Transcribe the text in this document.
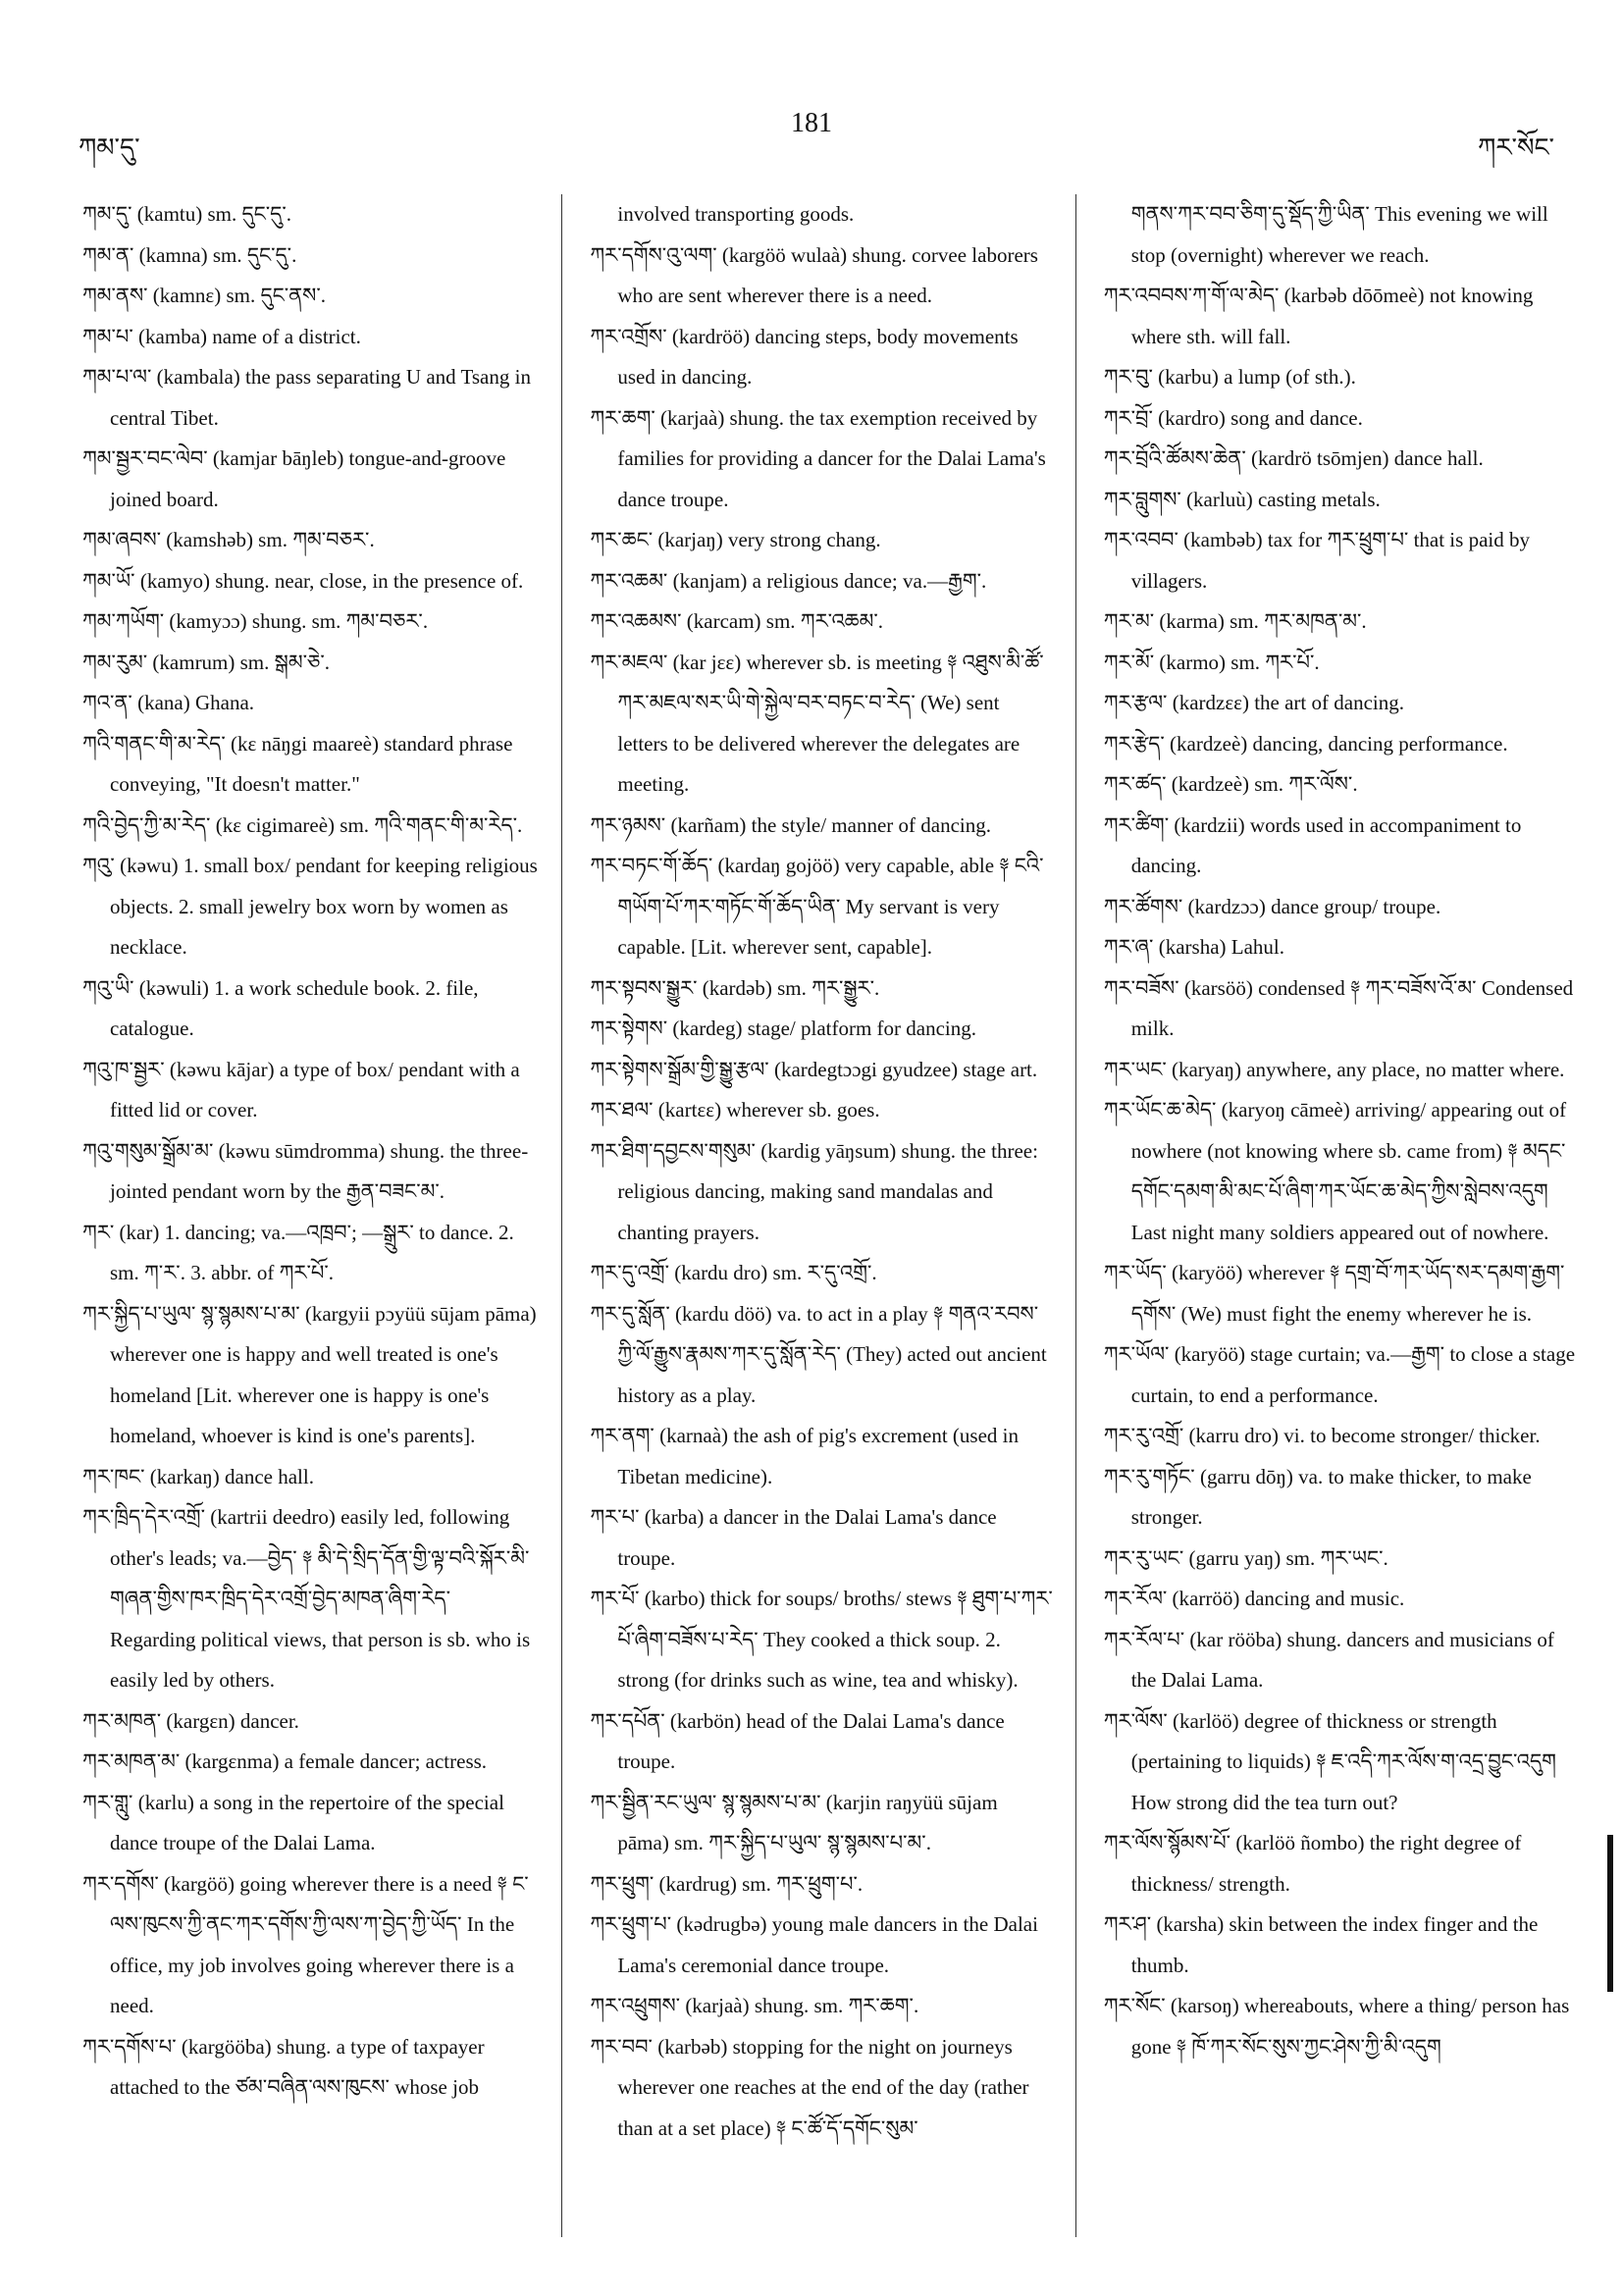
ཀམ་དུ་
181
ཀར་སོང་

ཀམ་དུ་ (kamtu) sm. དུང་དུ་.

ཀམ་ན་ (kamna) sm. དུང་དུ་.

ཀམ་ནས་ (kamnɛ) sm. དུང་ནས་.

ཀམ་པ་ (kamba) name of a district.

ཀམ་པ་ལ་ (kambala) the pass separating U and Tsang in central Tibet.

ཀམ་སྦྱར་བང་ལེབ་ (kamjar bāŋleb) tongue-and-groove joined board.

ཀམ་ཞབས་ (kamshəb) sm. ཀམ་བཅར་.

ཀམ་ཡོ་ (kamyo) shung. near, close, in the presence of.

ཀམ་ཀཡོག་ (kamyɔɔ) shung. sm. ཀམ་བཅར་.

ཀམ་རུམ་ (kamrum) sm. སྒམ་ཅེ་.

ཀའ་ན་ (kana) Ghana.

ཀའི་གནང་གི་མ་རེད་ (kɛ nāŋgi maareè) standard phrase conveying, "It doesn't matter."

ཀའི་བྱེད་ཀྱི་མ་རེད་ (kɛ cigimareè) sm. ཀའི་གནང་གི་མ་རེད་.

ཀའུ་ (kəwu) 1. small box/ pendant for keeping religious objects. 2. small jewelry box worn by women as necklace.

ཀའུ་ཡི་ (kəwuli) 1. a work schedule book. 2. file, catalogue.

ཀའུ་ཁ་སྦྱར་ (kəwu kājar) a type of box/ pendant with a fitted lid or cover.

ཀའུ་གསུམ་སྒྲོམ་མ་ (kəwu sūmdromma) shung. the three-jointed pendant worn by the རྒྱན་བཟང་མ་.

ཀར་ (kar) 1. dancing; va.—འཁྲབ་; —སྒྲུར་ to dance. 2. sm. ཀ་ར་. 3. abbr. of ཀར་པོ་.

ཀར་སྐྱིད་པ་ཡུལ་ སྙ་སྙམས་པ་མ་ (kargyii pɔyüü sūjam pāma) wherever one is happy and well treated is one's homeland [Lit. wherever one is happy is one's homeland, whoever is kind is one's parents].

ཀར་ཁང་ (karkaŋ) dance hall.

ཀར་ཁྲིད་དེར་འགྲོ་ (kartrii deedro) easily led, following other's leads; va.—བྱེད་ ༈ མི་དེ་སྲིད་དོན་གྱི་ལྟ་བའི་སྐོར་མི་གཞན་གྱིས་ཁར་ཁྲིད་དེར་འགྲོ་བྱེད་མཁན་ཞིག་རེད་ Regarding political views, that person is sb. who is easily led by others.

ཀར་མཁན་ (kargɛn) dancer.

ཀར་མཁན་མ་ (kargɛnma) a female dancer; actress.

ཀར་གླུ་ (karlu) a song in the repertoire of the special dance troupe of the Dalai Lama.

ཀར་དགོས་ (kargöö) going wherever there is a need ༈ ང་ལས་ཁུངས་ཀྱི་ནང་ཀར་དགོས་ཀྱི་ལས་ཀ་བྱེད་ཀྱི་ཡོད་ In the office, my job involves going wherever there is a need.

ཀར་དགོས་པ་ (kargööba) shung. a type of taxpayer attached to the ཙམ་བཞིན་ལས་ཁུངས་ whose job

involved transporting goods.

ཀར་དགོས་འུ་ལག་ (kargöö wulaà) shung. corvee laborers who are sent wherever there is a need.

ཀར་འགྲོས་ (kardröö) dancing steps, body movements used in dancing.

ཀར་ཆག་ (karjaà) shung. the tax exemption received by families for providing a dancer for the Dalai Lama's dance troupe.

ཀར་ཆང་ (karjaŋ) very strong chang.

ཀར་འཆམ་ (kanjam) a religious dance; va.—རྒྱག་.

ཀར་འཆམས་ (karcam) sm. ཀར་འཆམ་.

ཀར་མཇལ་ (kar jɛɛ) wherever sb. is meeting ༈ འཐུས་མི་ཚོ་ཀར་མཇལ་སར་ཡི་གེ་སྐྱེལ་བར་བཏང་བ་རེད་ (We) sent letters to be delivered wherever the delegates are meeting.

ཀར་ཉམས་ (karñam) the style/ manner of dancing.

ཀར་བཏང་གོ་ཆོད་ (kardaŋ gojöö) very capable, able ༈ ངའི་གཡོག་པོ་ཀར་གཏོང་གོ་ཆོད་ཡིན་ My servant is very capable. [Lit. wherever sent, capable].

ཀར་སྟབས་སྒྱུར་ (kardəb) sm. ཀར་སྒྱུར་.

ཀར་སྟེགས་ (kardeg) stage/ platform for dancing.

ཀར་སྟེགས་སྒྲོམ་གྱི་སྒྱུ་རྩལ་ (kardegtɔɔgi gyudzee) stage art.

ཀར་ཐལ་ (kartɛɛ) wherever sb. goes.

ཀར་ཐིག་དབྱངས་གསུམ་ (kardig yāŋsum) shung. the three: religious dancing, making sand mandalas and chanting prayers.

ཀར་དུ་འགྲོ་ (kardu dro) sm. ར་དུ་འགྲོ་.

ཀར་དུ་སློན་ (kardu döö) va. to act in a play ༈ གནའ་རབས་ཀྱི་ལོ་རྒྱུས་རྣམས་ཀར་དུ་སློན་རེད་ (They) acted out ancient history as a play.

ཀར་ནག་ (karnaà) the ash of pig's excrement (used in Tibetan medicine).

ཀར་པ་ (karba) a dancer in the Dalai Lama's dance troupe.

ཀར་པོ་ (karbo) thick for soups/ broths/ stews ༈ ཐུག་པ་ཀར་པོ་ཞིག་བཟོས་པ་རེད་ They cooked a thick soup. 2. strong (for drinks such as wine, tea and whisky).

ཀར་དཔོན་ (karbön) head of the Dalai Lama's dance troupe.

ཀར་སྦྱིན་རང་ཡུལ་ སྙ་སྙམས་པ་མ་ (karjin raŋyüü sūjam pāma) sm. ཀར་སྐྱིད་པ་ཡུལ་ སྙ་སྙམས་པ་མ་.

ཀར་ཕྲུག་ (kardrug) sm. ཀར་ཕྲུག་པ་.

ཀར་ཕྲུག་པ་ (kədrugbə) young male dancers in the Dalai Lama's ceremonial dance troupe.

ཀར་འཕྲུགས་ (karjaà) shung. sm. ཀར་ཆག་.

ཀར་བབ་ (karbəb) stopping for the night on journeys wherever one reaches at the end of the day (rather than at a set place) ༈ ང་ཚོ་དོ་དགོང་སུམ་

གནས་ཀར་བབ་ཅིག་དུ་སྡོད་ཀྱི་ཡིན་ This evening we will stop (overnight) wherever we reach.

ཀར་འབབས་ཀ་གོ་ལ་མེད་ (karbəb dōōmeè) not knowing where sth. will fall.

ཀར་བུ་ (karbu) a lump (of sth.).

ཀར་བྲོ་ (kardro) song and dance.

ཀར་བྲོའི་ཚོམས་ཆེན་ (kardrö tsōmjen) dance hall.

ཀར་བླུགས་ (karluù) casting metals.

ཀར་འབབ་ (kambəb) tax for ཀར་ཕྲུག་པ་ that is paid by villagers.

ཀར་མ་ (karma) sm. ཀར་མཁན་མ་.

ཀར་མོ་ (karmo) sm. ཀར་པོ་.

ཀར་རྩལ་ (kardzɛɛ) the art of dancing.

ཀར་རྩེད་ (kardzeè) dancing, dancing performance.

ཀར་ཚད་ (kardzeè) sm. ཀར་ལོས་.

ཀར་ཚིག་ (kardzii) words used in accompaniment to dancing.

ཀར་ཚོགས་ (kardzɔɔ) dance group/ troupe.

ཀར་ཞ་ (karsha) Lahul.

ཀར་བཟོས་ (karsöö) condensed ༈ ཀར་བཟོས་འོ་མ་ Condensed milk.

ཀར་ཡང་ (karyaŋ) anywhere, any place, no matter where.

ཀར་ཡོང་ཆ་མེད་ (karyoŋ cāmeè) arriving/ appearing out of nowhere (not knowing where sb. came from) ༈ མདང་དགོང་དམག་མི་མང་པོ་ཞིག་ཀར་ཡོང་ཆ་མེད་ཀྱིས་སླེབས་འདུག Last night many soldiers appeared out of nowhere.

ཀར་ཡོད་ (karyöö) wherever ༈ དགྲ་བོ་ཀར་ཡོད་སར་དམག་རྒྱག་དགོས་ (We) must fight the enemy wherever he is.

ཀར་ཡོལ་ (karyöö) stage curtain; va.—རྒྱག་ to close a stage curtain, to end a performance.

ཀར་རུ་འགྲོ་ (karru dro) vi. to become stronger/ thicker.

ཀར་རུ་གཏོང་ (garru dōŋ) va. to make thicker, to make stronger.

ཀར་རུ་ཡང་ (garru yaŋ) sm. ཀར་ཡང་.

ཀར་རོལ་ (karröö) dancing and music.

ཀར་རོལ་པ་ (kar rööba) shung. dancers and musicians of the Dalai Lama.

ཀར་ལོས་ (karlöö) degree of thickness or strength (pertaining to liquids) ༈ ཇ་འདི་ཀར་ལོས་ག་འདྲ་བྱུང་འདུག How strong did the tea turn out?

ཀར་ལོས་སྙོམས་པོ་ (karlöö ñombo) the right degree of thickness/ strength.

ཀར་ཤ་ (karsha) skin between the index finger and the thumb.

ཀར་སོང་ (karsoŋ) whereabouts, where a thing/ person has gone ༈ ཁོ་ཀར་སོང་སུས་ཀྱང་ཤེས་ཀྱི་མི་འདུག
